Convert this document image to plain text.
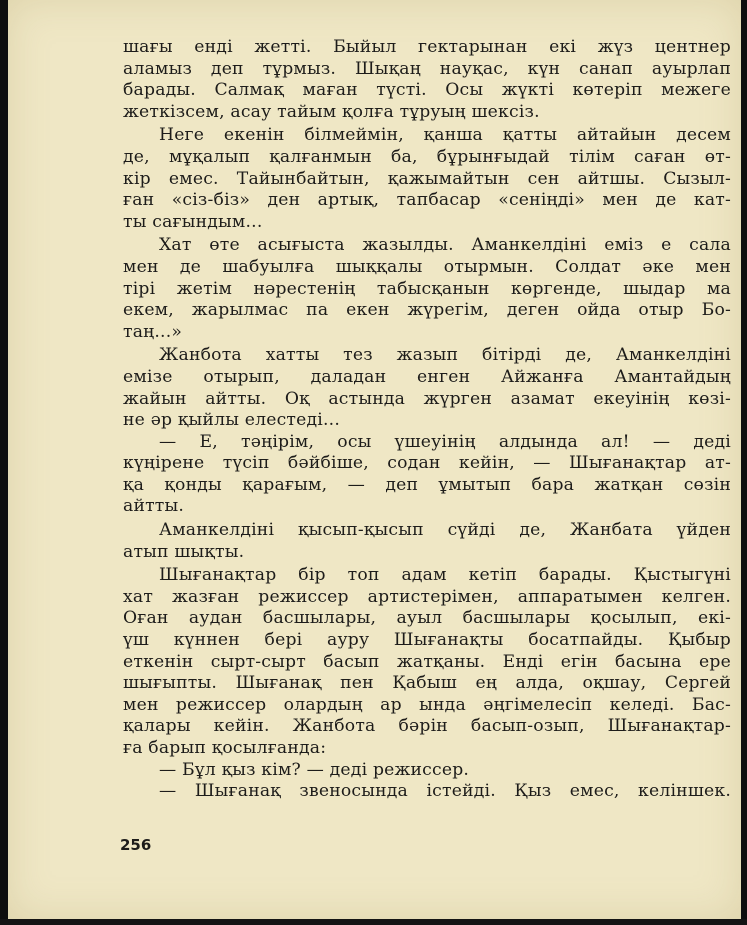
шағы енді жетті. Быйыл гектарынан екі жүз центнер
аламыз деп тұрмыз. Шықаң науқас, күн санап ауырлап
барады. Салмақ маған түсті. Осы жүкті көтеріп межеге
жеткізсем, асау тайым қолға тұруың шексіз.
Неге екенін білмеймін, қанша қатты айтайын десем
де, мұқалып қалғанмын ба, бұрынғыдай тілім саған өт-
кір емес. Тайынбайтын, қажымайтын сен айтшы. Сызыл-
ған «сіз-біз» ден артық, тапбасар «сеніңді» мен де кат-
ты сағындым...
Хат өте асығыста жазылды. Аманкелдіні еміз е сала
мен де шабуылға шыққалы отырмын. Солдат әке мен
тірі жетім нәрестенің табысқанын көргенде, шыдар ма
екем, жарылмас па екен жүрегім, деген ойда отыр Бо-
таң...»
Жанбота хатты тез жазып бітірді де, Аманкелдіні
емізе отырып, даладан енген Айжанға Амантайдың
жайын айтты. Оқ астында жүрген азамат екеуінің көзі-
не әр қыйлы елестеді...
— Е, тәңірім, осы үшеуінің алдында ал! — деді
күңірене түсіп бәйбіше, содан кейін, — Шығанақтар ат-
қа қонды қарағым, — деп ұмытып бара жатқан сөзін
айтты.
Аманкелдіні қысып-қысып сүйді де, Жанбата үйден
атып шықты.
Шығанақтар бір топ адам кетіп барады. Қыстыгүні
хат жазған режиссер артистерімен, аппаратымен келген.
Оған аудан басшылары, ауыл басшылары қосылып, екі-
үш күннен бері ауру Шығанақты босатпайды. Қыбыр
еткенін сырт-сырт басып жатқаны. Енді егін басына ере
шығыпты. Шығанақ пен Қабыш ең алда, оқшау, Сергей
мен режиссер олардың ар ында әңгімелесіп келеді. Бас-
қалары кейін. Жанбота бәрін басып-озып, Шығанақтар-
ға барып қосылғанда:
— Бұл қыз кім? — деді режиссер.
— Шығанақ звеносында істейді. Қыз емес, келіншек.
256
